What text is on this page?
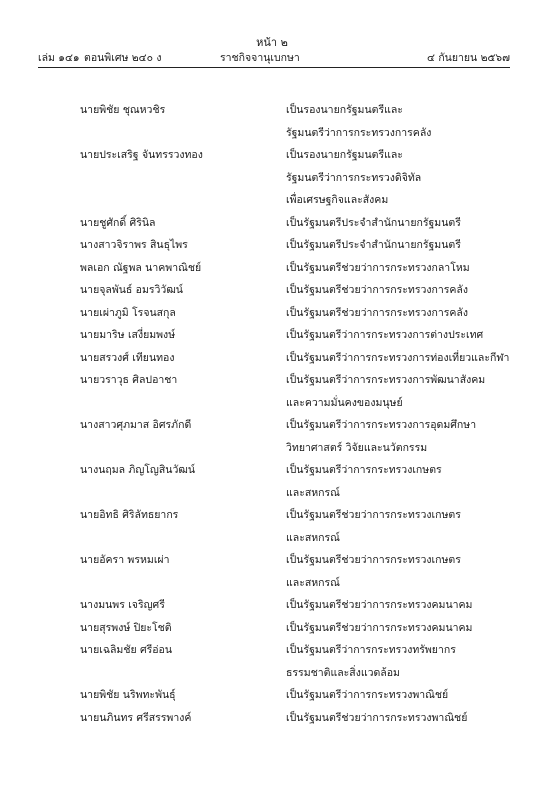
หน้า ๒
เล่ม ๑๔๑ ตอนพิเศษ ๒๔๐ ง	ราชกิจจานุเบกษา	๔ กันยายน ๒๕๖๗
นายพิชัย ชุณหวชิร	เป็นรองนายกรัฐมนตรีและ
รัฐมนตรีว่าการกระทรวงการคลัง
นายประเสริฐ จันทรรวงทอง	เป็นรองนายกรัฐมนตรีและ
รัฐมนตรีว่าการกระทรวงดิจิทัล
เพื่อเศรษฐกิจและสังคม
นายชูศักดิ์ ศิรินิล	เป็นรัฐมนตรีประจำสำนักนายกรัฐมนตรี
นางสาวจิราพร สินธุไพร	เป็นรัฐมนตรีประจำสำนักนายกรัฐมนตรี
พลเอก ณัฐพล นาคพาณิชย์	เป็นรัฐมนตรีช่วยว่าการกระทรวงกลาโหม
นายจุลพันธ์ อมรวิวัฒน์	เป็นรัฐมนตรีช่วยว่าการกระทรวงการคลัง
นายเผ่าภูมิ โรจนสกุล	เป็นรัฐมนตรีช่วยว่าการกระทรวงการคลัง
นายมาริษ เสงี่ยมพงษ์	เป็นรัฐมนตรีว่าการกระทรวงการต่างประเทศ
นายสรวงศ์ เทียนทอง	เป็นรัฐมนตรีว่าการกระทรวงการท่องเที่ยวและกีฬา
นายวราวุธ ศิลปอาชา	เป็นรัฐมนตรีว่าการกระทรวงการพัฒนาสังคม
และความมั่นคงของมนุษย์
นางสาวศุภมาส อิศรภักดี	เป็นรัฐมนตรีว่าการกระทรวงการอุดมศึกษา
วิทยาศาสตร์ วิจัยและนวัตกรรม
นางนฤมล ภิญโญสินวัฒน์	เป็นรัฐมนตรีว่าการกระทรวงเกษตร
และสหกรณ์
นายอิทธิ ศิริลัทธยากร	เป็นรัฐมนตรีช่วยว่าการกระทรวงเกษตร
และสหกรณ์
นายอัครา พรหมเผ่า	เป็นรัฐมนตรีช่วยว่าการกระทรวงเกษตร
และสหกรณ์
นางมนพร เจริญศรี	เป็นรัฐมนตรีช่วยว่าการกระทรวงคมนาคม
นายสุรพงษ์ ปิยะโชติ	เป็นรัฐมนตรีช่วยว่าการกระทรวงคมนาคม
นายเฉลิมชัย ศรีอ่อน	เป็นรัฐมนตรีว่าการกระทรวงทรัพยากร
ธรรมชาติและสิ่งแวดล้อม
นายพิชัย นริพทะพันธุ์	เป็นรัฐมนตรีว่าการกระทรวงพาณิชย์
นายนภินทร ศรีสรรพางค์	เป็นรัฐมนตรีช่วยว่าการกระทรวงพาณิชย์
